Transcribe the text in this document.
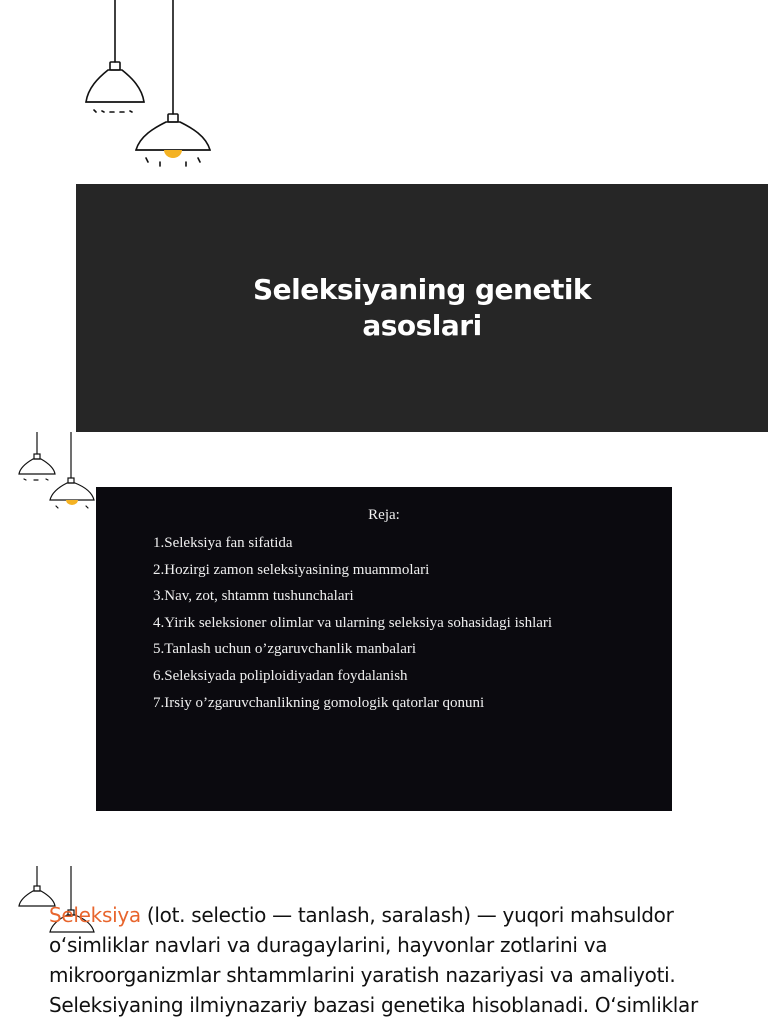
Seleksiyaning genetik asoslari
Reja:
1.Seleksiya fan sifatida
2.Hozirgi zamon seleksiyasining muammolari
3.Nav, zot, shtamm tushunchalari
4.Yirik seleksioner olimlar va ularning seleksiya sohasidagi ishlari
5.Tanlash uchun o’zgaruvchanlik manbalari
6.Seleksiyada poliploidiyadan foydalanish
7.Irsiy o’zgaruvchanlikning gomologik qatorlar qonuni

Seleksiya (lot. selectio — tanlash, saralash) — yuqori mahsuldor oʻsimliklar navlari va duragaylarini, hayvonlar zotlarini va mikroorganizmlar shtammlarini yaratish nazariyasi va amaliyoti. Seleksiyaning ilmiynazariy bazasi genetika hisoblanadi. Oʻsimliklar
